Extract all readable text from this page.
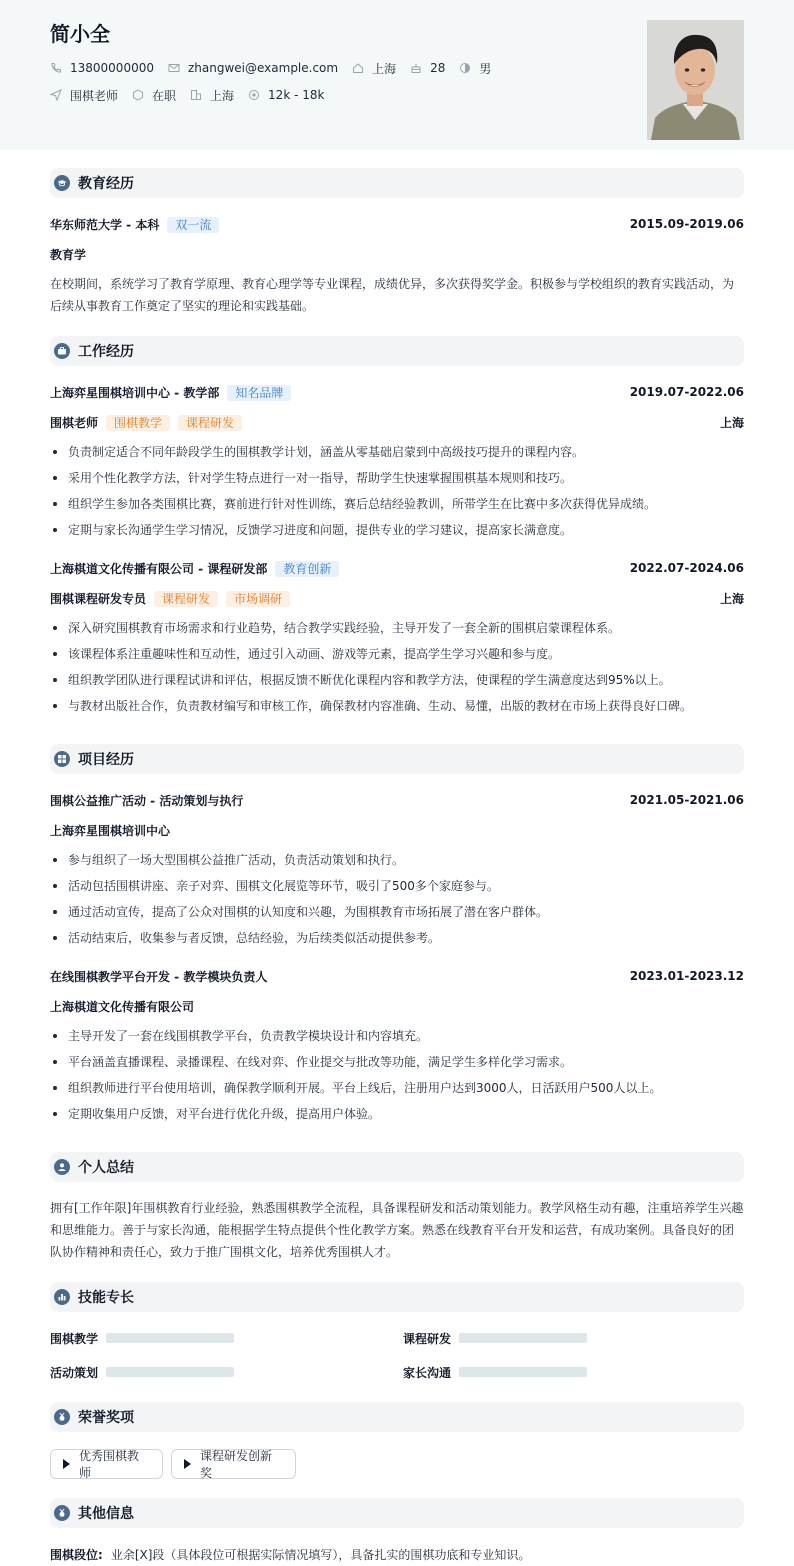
简小全
13800000000	zhangwei@example.com	上海	28	男
围棋老师	在职	上海	12k - 18k
教育经历
华东师范大学 - 本科 双一流	2015.09-2019.06
教育学
在校期间，系统学习了教育学原理、教育心理学等专业课程，成绩优异，多次获得奖学金。积极参与学校组织的教育实践活动，为后续从事教育工作奠定了坚实的理论和实践基础。
工作经历
上海弈星围棋培训中心 - 教学部 知名品牌	2019.07-2022.06
围棋老师 围棋教学 课程研发	上海
负责制定适合不同年龄段学生的围棋教学计划，涵盖从零基础启蒙到中高级技巧提升的课程内容。
采用个性化教学方法，针对学生特点进行一对一指导，帮助学生快速掌握围棋基本规则和技巧。
组织学生参加各类围棋比赛，赛前进行针对性训练，赛后总结经验教训，所带学生在比赛中多次获得优异成绩。
定期与家长沟通学生学习情况，反馈学习进度和问题，提供专业的学习建议，提高家长满意度。
上海棋道文化传播有限公司 - 课程研发部 教育创新	2022.07-2024.06
围棋课程研发专员 课程研发 市场调研	上海
深入研究围棋教育市场需求和行业趋势，结合教学实践经验，主导开发了一套全新的围棋启蒙课程体系。
该课程体系注重趣味性和互动性，通过引入动画、游戏等元素，提高学生学习兴趣和参与度。
组织教学团队进行课程试讲和评估，根据反馈不断优化课程内容和教学方法，使课程的学生满意度达到95%以上。
与教材出版社合作，负责教材编写和审核工作，确保教材内容准确、生动、易懂，出版的教材在市场上获得良好口碑。
项目经历
围棋公益推广活动 - 活动策划与执行	2021.05-2021.06
上海弈星围棋培训中心
参与组织了一场大型围棋公益推广活动，负责活动策划和执行。
活动包括围棋讲座、亲子对弈、围棋文化展览等环节，吸引了500多个家庭参与。
通过活动宣传，提高了公众对围棋的认知度和兴趣，为围棋教育市场拓展了潜在客户群体。
活动结束后，收集参与者反馈，总结经验，为后续类似活动提供参考。
在线围棋教学平台开发 - 教学模块负责人	2023.01-2023.12
上海棋道文化传播有限公司
主导开发了一套在线围棋教学平台，负责教学模块设计和内容填充。
平台涵盖直播课程、录播课程、在线对弈、作业提交与批改等功能，满足学生多样化学习需求。
组织教师进行平台使用培训，确保教学顺利开展。平台上线后，注册用户达到3000人，日活跃用户500人以上。
定期收集用户反馈，对平台进行优化升级，提高用户体验。
个人总结
拥有[工作年限]年围棋教育行业经验，熟悉围棋教学全流程，具备课程研发和活动策划能力。教学风格生动有趣，注重培养学生兴趣和思维能力。善于与家长沟通，能根据学生特点提供个性化教学方案。熟悉在线教育平台开发和运营，有成功案例。具备良好的团队协作精神和责任心，致力于推广围棋文化，培养优秀围棋人才。
技能专长
围棋教学	课程研发
活动策划	家长沟通
荣誉奖项
优秀围棋教师
课程研发创新奖
其他信息
围棋段位: 业余[X]段（具体段位可根据实际情况填写），具备扎实的围棋功底和专业知识。
